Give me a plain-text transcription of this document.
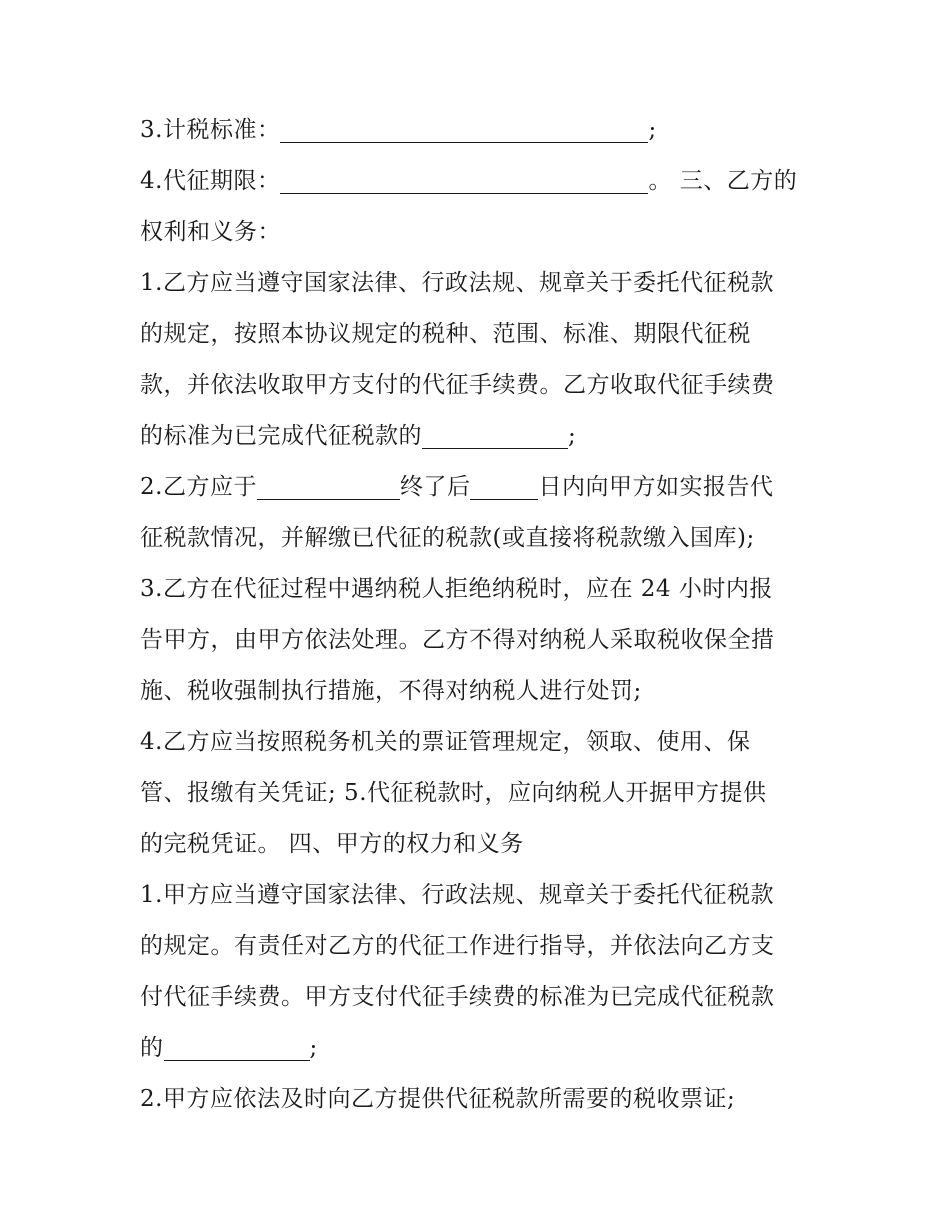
3.计税标准：	;
4.代征期限：	。 三、乙方的
权利和义务：
1.乙方应当遵守国家法律、行政法规、规章关于委托代征税款
的规定，按照本协议规定的税种、范围、标准、期限代征税
款，并依法收取甲方支付的代征手续费。乙方收取代征手续费
的标准为已完成代征税款的	;
2.乙方应于	终了后	日内向甲方如实报告代
征税款情况，并解缴已代征的税款(或直接将税款缴入国库);
3.乙方在代征过程中遇纳税人拒绝纳税时，应在 24 小时内报
告甲方，由甲方依法处理。乙方不得对纳税人采取税收保全措
施、税收强制执行措施，不得对纳税人进行处罚;
4.乙方应当按照税务机关的票证管理规定，领取、使用、保
管、报缴有关凭证; 5.代征税款时，应向纳税人开据甲方提供
的完税凭证。 四、甲方的权力和义务
1.甲方应当遵守国家法律、行政法规、规章关于委托代征税款
的规定。有责任对乙方的代征工作进行指导，并依法向乙方支
付代征手续费。甲方支付代征手续费的标准为已完成代征税款
的	;
2.甲方应依法及时向乙方提供代征税款所需要的税收票证;
